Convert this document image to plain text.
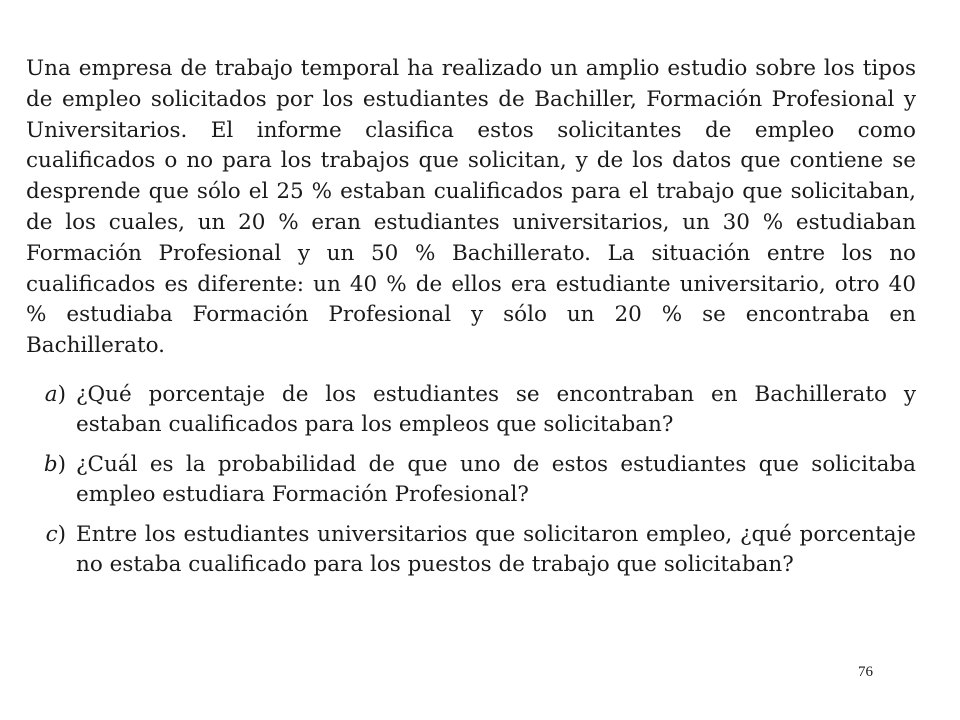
Una empresa de trabajo temporal ha realizado un amplio estudio sobre los tipos de empleo solicitados por los estudiantes de Bachiller, Formación Profesional y Universitarios. El informe clasifica estos solicitantes de empleo como cualificados o no para los trabajos que solicitan, y de los datos que contiene se desprende que sólo el 25 % estaban cualificados para el trabajo que solicitaban, de los cuales, un 20 % eran estudiantes universitarios, un 30 % estudiaban Formación Profesional y un 50 % Bachillerato. La situación entre los no cualificados es diferente: un 40 % de ellos era estudiante universitario, otro 40 % estudiaba Formación Profesional y sólo un 20 % se encontraba en Bachillerato.

a) ¿Qué porcentaje de los estudiantes se encontraban en Bachillerato y estaban cualificados para los empleos que solicitaban?
b) ¿Cuál es la probabilidad de que uno de estos estudiantes que solicitaba empleo estudiara Formación Profesional?
c) Entre los estudiantes universitarios que solicitaron empleo, ¿qué porcentaje no estaba cualificado para los puestos de trabajo que solicitaban?
76
